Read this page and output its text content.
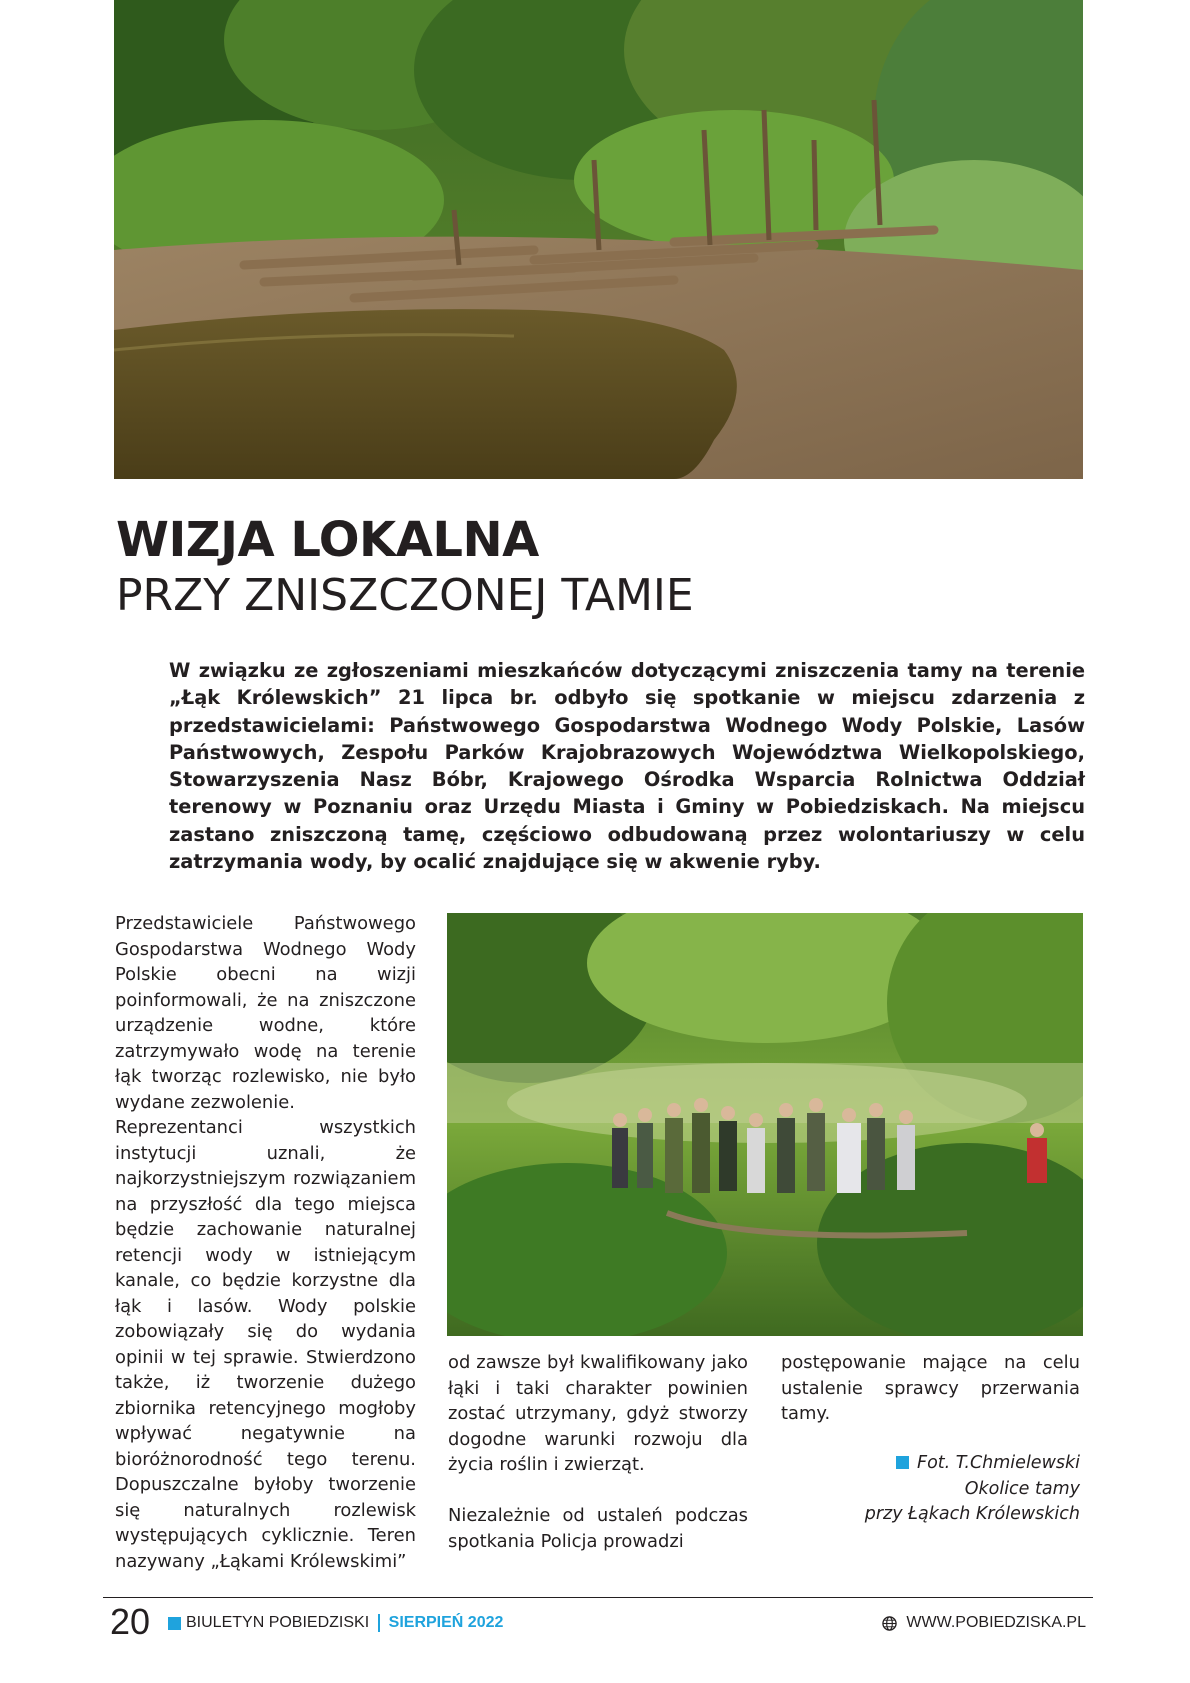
WIZJA LOKALNA
PRZY ZNISZCZONEJ TAMIE

W związku ze zgłoszeniami mieszkańców dotyczącymi zniszczenia tamy na terenie „Łąk Królewskich” 21 lipca br. odbyło się spotkanie w miejscu zdarzenia z przedstawicielami: Państwowego Gospodarstwa Wodnego Wody Polskie, Lasów Państwowych, Zespołu Parków Krajobrazowych Województwa Wielkopolskiego, Stowarzyszenia Nasz Bóbr, Krajowego Ośrodka Wsparcia Rolnictwa Oddział terenowy w Poznaniu oraz Urzędu Miasta i Gminy w Pobiedziskach. Na miejscu zastano zniszczoną tamę, częściowo odbudowaną przez wolontariuszy w celu zatrzymania wody, by ocalić znajdujące się w akwenie ryby.

Przedstawiciele Państwowego Gospodarstwa Wodnego Wody Polskie obecni na wizji poinformowali, że na zniszczone urządzenie wodne, które zatrzymywało wodę na terenie łąk tworząc rozlewisko, nie było wydane zezwolenie.

Reprezentanci wszystkich instytucji uznali, że najkorzystniejszym rozwiązaniem na przyszłość dla tego miejsca będzie zachowanie naturalnej retencji wody w istniejącym kanale, co będzie korzystne dla łąk i lasów. Wody polskie zobowiązały się do wydania opinii w tej sprawie. Stwierdzono także, iż tworzenie dużego zbiornika retencyjnego mogłoby wpływać negatywnie na bioróżnorodność tego terenu. Dopuszczalne byłoby tworzenie się naturalnych rozlewisk występujących cyklicznie. Teren nazywany „Łąkami Królewskimi”

od zawsze był kwalifikowany jako łąki i taki charakter powinien zostać utrzymany, gdyż stworzy dogodne warunki rozwoju dla życia roślin i zwierząt.

Niezależnie od ustaleń podczas spotkania Policja prowadzi

postępowanie mające na celu ustalenie sprawcy przerwania tamy.

Fot. T.Chmielewski
Okolice tamy
przy Łąkach Królewskich
20 BIULETYN POBIEDZISKI SIERPIEŃ 2022	WWW.POBIEDZISKA.PL
